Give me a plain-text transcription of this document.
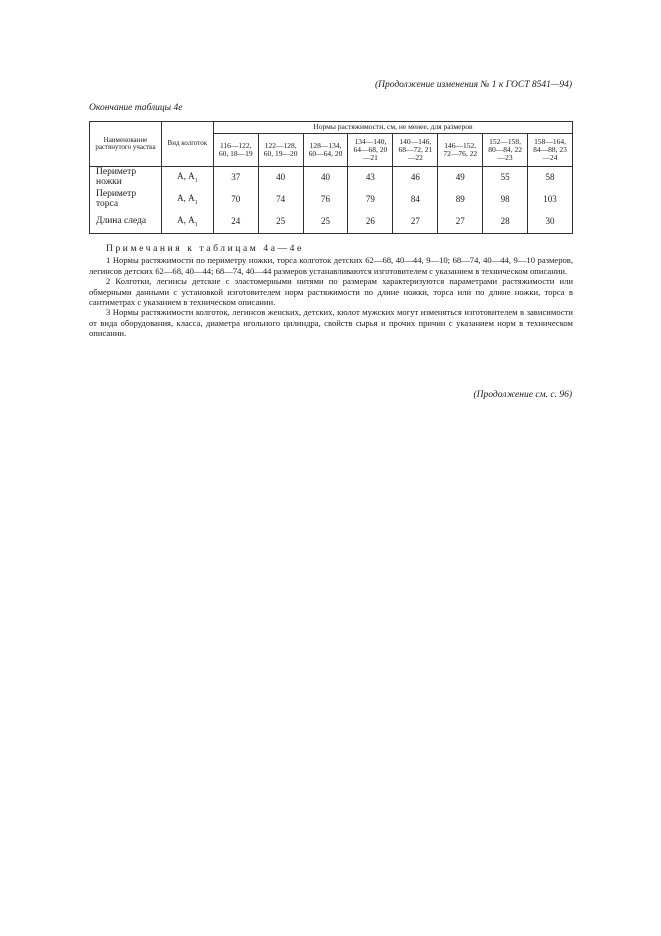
(Продолжение изменения № 1 к ГОСТ 8541—94)
Окончание таблицы 4е
Наименование растянутого участка	Вид колготок	Нормы растяжимости, см, не менее, для размеров							
		116—122, 60, 18—19	122—128, 60, 19—20	128—134, 60—64, 20	134—140, 64—68, 20—21	140—146, 68—72, 21—22	146—152, 72—76, 22	152—158, 80—84, 22—23	158—164, 84—88, 23—24
Периметр ножки	А, $А_1$	37	40	40	43	46	49	55	58
Периметр торса	А, $А_1$	70	74	76	79	84	89	98	103
Длина следа	А, $А_1$	24	25	25	26	27	27	28	30

Примечания к таблицам 4а—4е

1 Нормы растяжимости по периметру ножки, торса колготок детских 62—68, 40—44, 9—10; 68—74, 40—44, 9—10 размеров, легинсов детских 62—68, 40—44; 68—74, 40—44 размеров устанавливаются изготовителем с указанием в техническом описании.

2 Колготки, легинсы детские с эластомерными нитями по размерам характеризуются параметрами растяжимости или обмерными данными с установкой изготовителем норм растяжимости по длине ножки, торса или по длине ножки, торса в сантиметрах с указанием в техническом описании.

3 Нормы растяжимости колготок, легинсов женских, детских, кюлот мужских могут изменяться изготовителем в зависимости от вида оборудования, класса, диаметра игольного цилиндра, свойств сырья и прочих причин с указанием норм в техническом описании.

(Продолжение см. с. 96)
